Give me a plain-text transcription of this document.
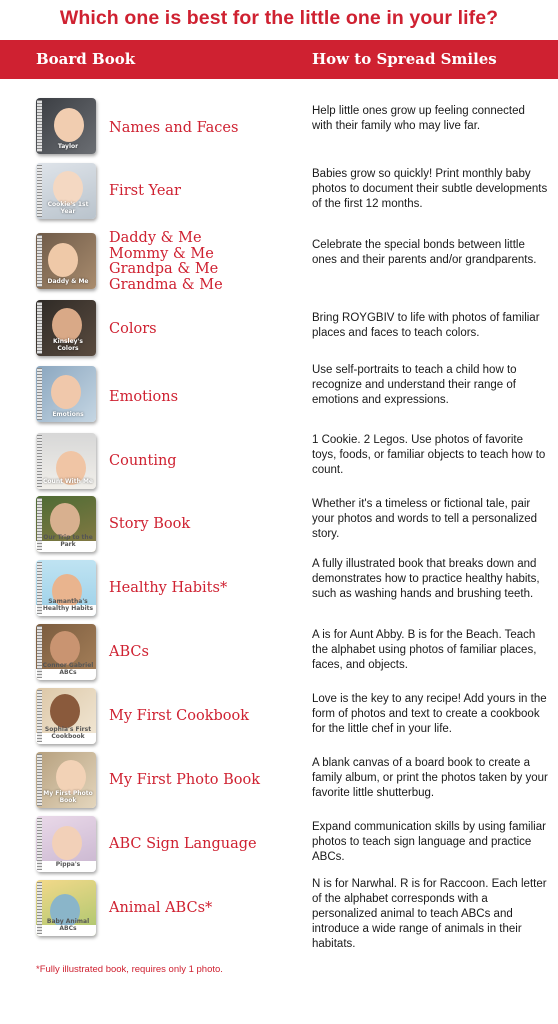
Which one is best for the little one in your life?
Board Book	How to Spread Smiles
Taylor
Names and Faces
Help little ones grow up feeling connected with their family who may live far.
Cookie's 1st Year
First Year
Babies grow so quickly! Print monthly baby photos to document their subtle developments of the first 12 months.
Daddy & Me
Daddy & Me
Mommy & Me
Grandpa & Me
Grandma & Me
Celebrate the special bonds between little ones and their parents and/or grandparents.
Kinsley's Colors
Colors
Bring ROYGBIV to life with photos of familiar places and faces to teach colors.
Emotions
Emotions
Use self-portraits to teach a child how to recognize and understand their range of emotions and expressions.
Count With Me
Counting
1 Cookie. 2 Legos. Use photos of favorite toys, foods, or familiar objects to teach how to count.
Our Trip to the Park
Story Book
Whether it's a timeless or fictional tale, pair your photos and words to tell a personalized story.
Samantha's Healthy Habits
Healthy Habits*
A fully illustrated book that breaks down and demonstrates how to practice healthy habits, such as washing hands and brushing teeth.
Connor Gabriel ABCs
ABCs
A is for Aunt Abby. B is for the Beach. Teach the alphabet using photos of familiar places, faces, and objects.
Sophia's First Cookbook
My First Cookbook
Love is the key to any recipe! Add yours in the form of photos and text to create a cookbook for the little chef in your life.
My First Photo Book
My First Photo Book
A blank canvas of a board book to create a family album, or print the photos taken by your favorite little shutterbug.
Pippa's
ABC Sign Language
Expand communication skills by using familiar photos to teach sign language and practice ABCs.
Baby Animal ABCs
Animal ABCs*
N is for Narwhal. R is for Raccoon. Each letter of the alphabet corresponds with a personalized animal to teach ABCs and introduce a wide range of animals in their habitats.
*Fully illustrated book, requires only 1 photo.
